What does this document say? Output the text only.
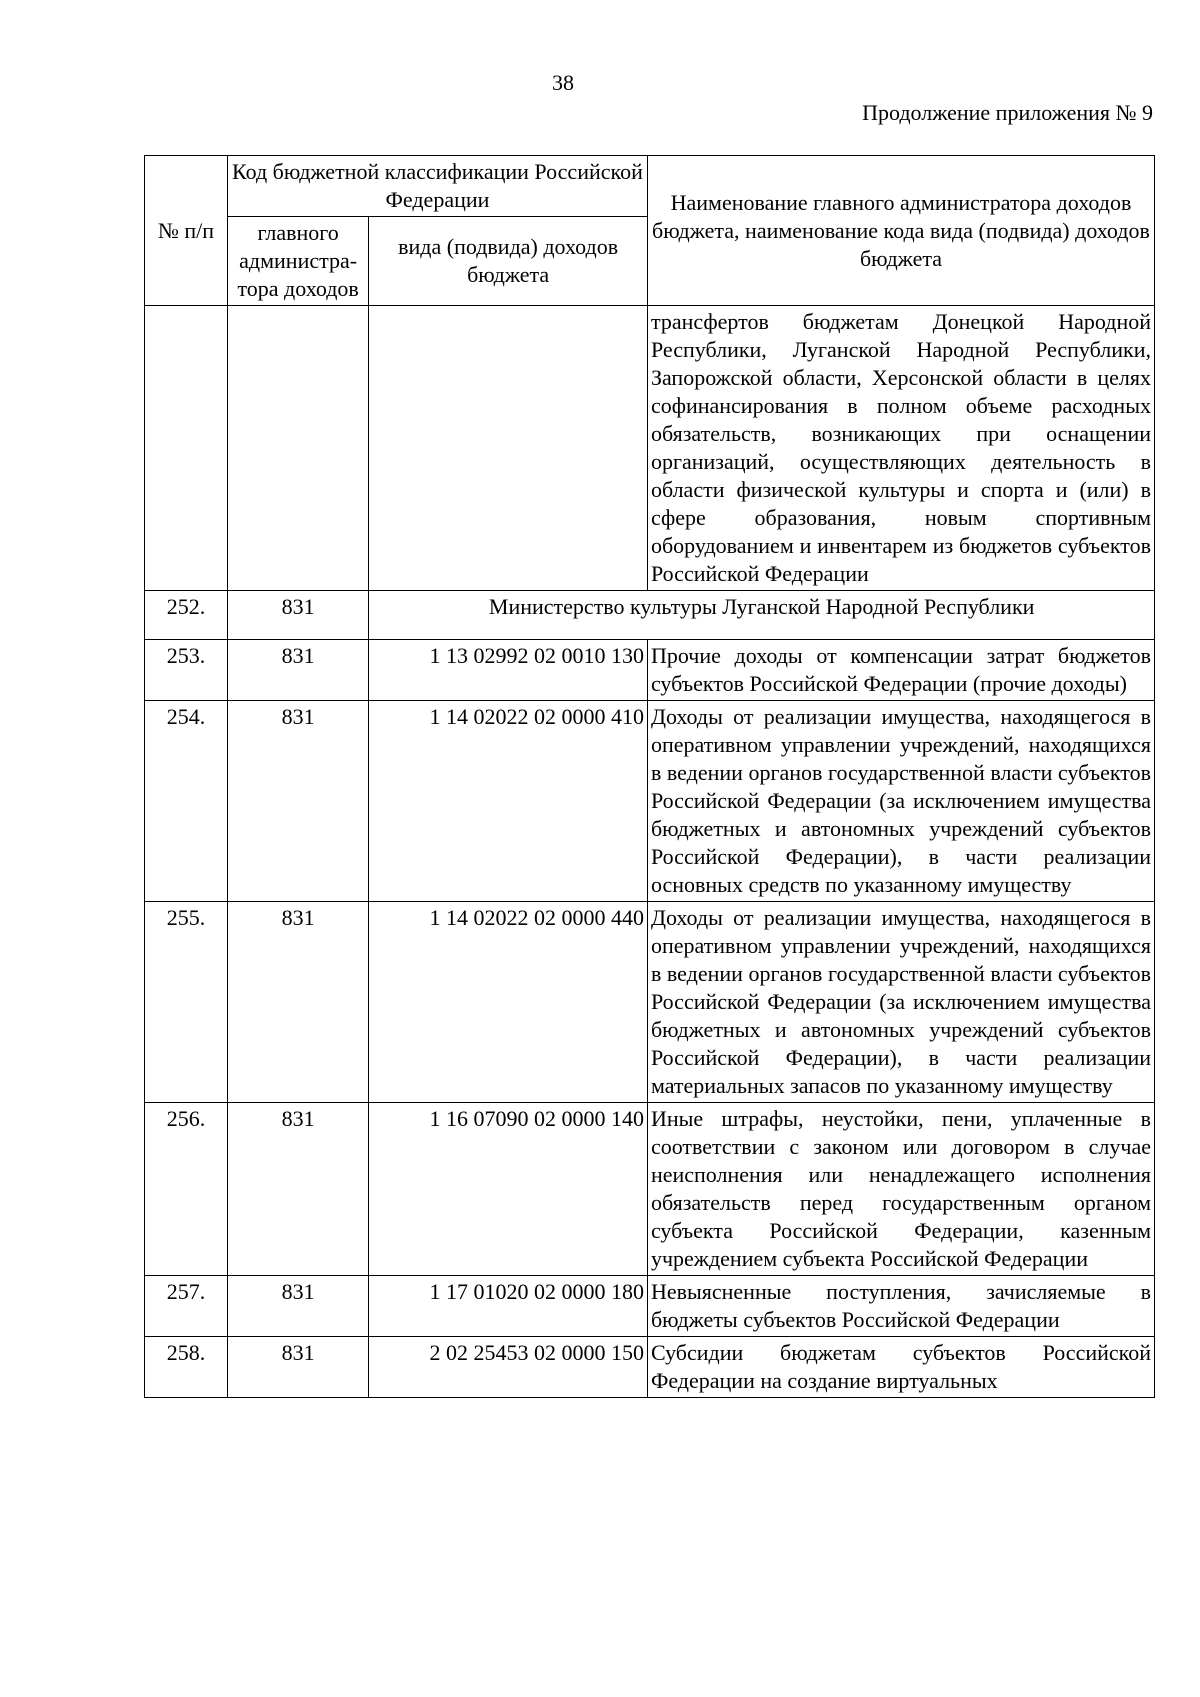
38
Продолжение приложения № 9
№ п/п	Код бюджетной классификации Российской Федерации		Наименование главного администратора доходов бюджета, наименование кода вида (подвида) доходов бюджета
	главного администра-тора доходов	вида (подвида) доходов бюджета	
			трансфертов бюджетам Донецкой Народной Республики, Луганской Народной Республики, Запорожской области, Херсонской области в целях софинансирования в полном объеме расходных обязательств, возникающих при оснащении организаций, осуществляющих деятельность в области физической культуры и спорта и (или) в сфере образования, новым спортивным оборудованием и инвентарем из бюджетов субъектов Российской Федерации
252.	831	Министерство культуры Луганской Народной Республики	
253.	831	1 13 02992 02 0010 130	Прочие доходы от компенсации затрат бюджетов субъектов Российской Федерации (прочие доходы)
254.	831	1 14 02022 02 0000 410	Доходы от реализации имущества, находящегося в оперативном управлении учреждений, находящихся в ведении органов государственной власти субъектов Российской Федерации (за исключением имущества бюджетных и автономных учреждений субъектов Российской Федерации), в части реализации основных средств по указанному имуществу
255.	831	1 14 02022 02 0000 440	Доходы от реализации имущества, находящегося в оперативном управлении учреждений, находящихся в ведении органов государственной власти субъектов Российской Федерации (за исключением имущества бюджетных и автономных учреждений субъектов Российской Федерации), в части реализации материальных запасов по указанному имуществу
256.	831	1 16 07090 02 0000 140	Иные штрафы, неустойки, пени, уплаченные в соответствии с законом или договором в случае неисполнения или ненадлежащего исполнения обязательств перед государственным органом субъекта Российской Федерации, казенным учреждением субъекта Российской Федерации
257.	831	1 17 01020 02 0000 180	Невыясненные поступления, зачисляемые в бюджеты субъектов Российской Федерации
258.	831	2 02 25453 02 0000 150	Субсидии бюджетам субъектов Российской Федерации на создание виртуальных
